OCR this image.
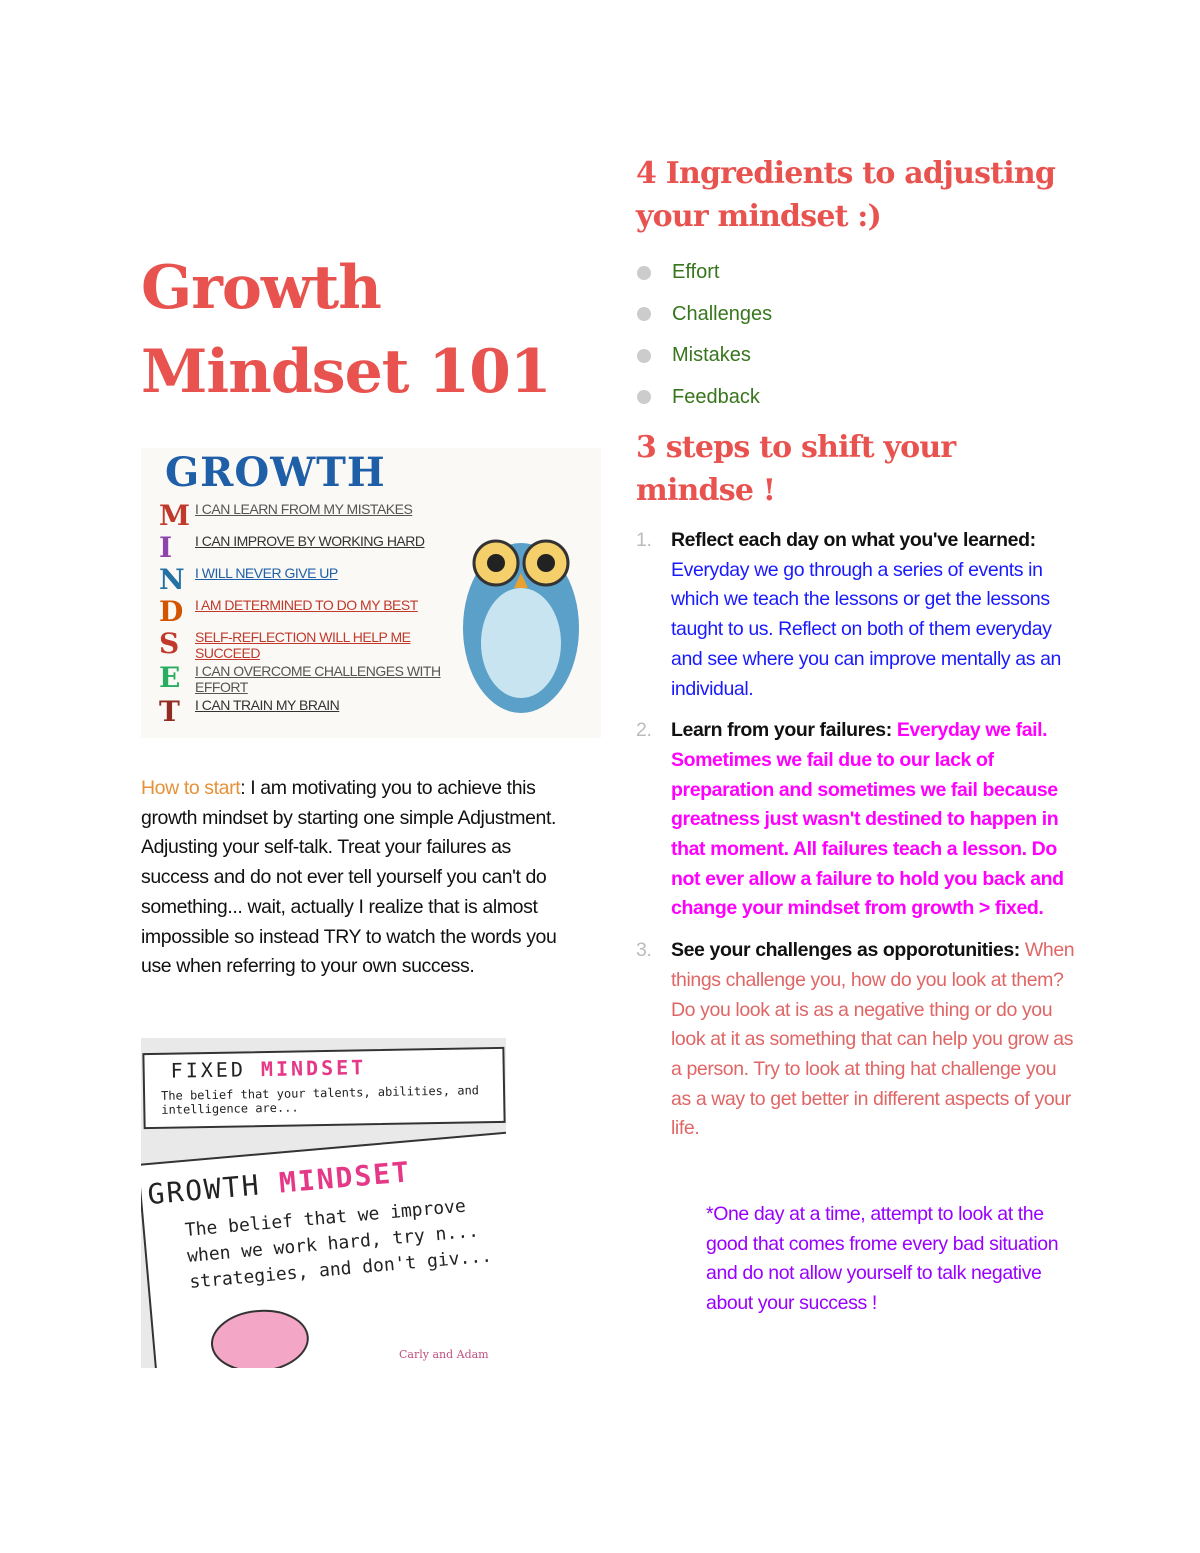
Growth
Mindset 101
GROWTH
M I CAN LEARN FROM MY MISTAKES
I	I CAN IMPROVE BY WORKING HARD
N I WILL NEVER GIVE UP
D I AM DETERMINED TO DO MY BEST
S	SELF-REFLECTION WILL HELP ME SUCCEED
E	I CAN OVERCOME CHALLENGES WITH EFFORT
T	I CAN TRAIN MY BRAIN

How to start: I am motivating you to achieve this growth mindset by starting one simple Adjustment. Adjusting your self-talk. Treat your failures as success and do not ever tell yourself you can't do something... wait, actually I realize that is almost impossible so instead TRY to watch the words you use when referring to your own success.

FIXED MINDSET
The belief that your talents, abilities, and intelligence are...
GROWTH MINDSET
The belief that we improve when we work hard, try n... strategies, and don't giv...
Carly and Adam
4 Ingredients to adjusting your mindset :)
Effort
Challenges
Mistakes
Feedback
3 steps to shift your mindse !
1. Reflect each day on what you've learned: Everyday we go through a series of events in which we teach the lessons or get the lessons taught to us. Reflect on both of them everyday and see where you can improve mentally as an individual.
2. Learn from your failures: Everyday we fail. Sometimes we fail due to our lack of preparation and sometimes we fail because greatness just wasn't destined to happen in that moment. All failures teach a lesson. Do not ever allow a failure to hold you back and change your mindset from growth > fixed.
3. See your challenges as opporotunities: When things challenge you, how do you look at them? Do you look at is as a negative thing or do you look at it as something that can help you grow as a person. Try to look at thing hat challenge you as a way to get better in different aspects of your life.

*One day at a time, attempt to look at the good that comes frome every bad situation and do not allow yourself to talk negative about your success !
